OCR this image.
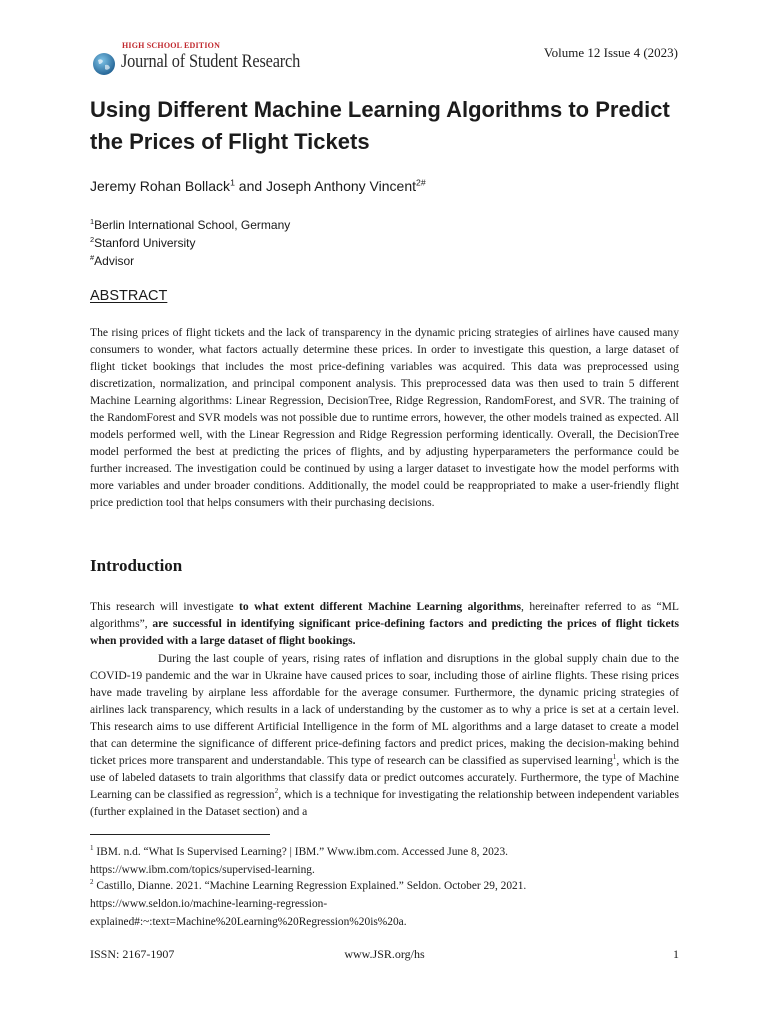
HIGH SCHOOL EDITION
Journal of Student Research	Volume 12 Issue 4 (2023)
Using Different Machine Learning Algorithms to Predict the Prices of Flight Tickets
Jeremy Rohan Bollack$^1$ and Joseph Anthony Vincent$^{2\#}$
$^1$Berlin International School, Germany
$^2$Stanford University
#Advisor
ABSTRACT
The rising prices of flight tickets and the lack of transparency in the dynamic pricing strategies of airlines have caused many consumers to wonder, what factors actually determine these prices. In order to investigate this question, a large dataset of flight ticket bookings that includes the most price-defining variables was acquired. This data was preprocessed using discretization, normalization, and principal component analysis. This preprocessed data was then used to train 5 different Machine Learning algorithms: Linear Regression, DecisionTree, Ridge Regression, RandomForest, and SVR. The training of the RandomForest and SVR models was not possible due to runtime errors, however, the other models trained as expected. All models performed well, with the Linear Regression and Ridge Regression performing identically. Overall, the DecisionTree model performed the best at predicting the prices of flights, and by adjusting hyperparameters the performance could be further increased. The investigation could be continued by using a larger dataset to investigate how the model performs with more variables and under broader conditions. Additionally, the model could be reappropriated to make a user-friendly flight price prediction tool that helps consumers with their purchasing decisions.
Introduction
This research will investigate to what extent different Machine Learning algorithms, hereinafter referred to as “ML algorithms”, are successful in identifying significant price-defining factors and predicting the prices of flight tickets when provided with a large dataset of flight bookings.
During the last couple of years, rising rates of inflation and disruptions in the global supply chain due to the COVID-19 pandemic and the war in Ukraine have caused prices to soar, including those of airline flights. These rising prices have made traveling by airplane less affordable for the average consumer. Furthermore, the dynamic pricing strategies of airlines lack transparency, which results in a lack of understanding by the customer as to why a price is set at a certain level. This research aims to use different Artificial Intelligence in the form of ML algorithms and a large dataset to create a model that can determine the significance of different price-defining factors and predict prices, making the decision-making behind ticket prices more transparent and understandable. This type of research can be classified as supervised learning$^1$, which is the use of labeled datasets to train algorithms that classify data or predict outcomes accurately. Furthermore, the type of Machine Learning can be classified as regression$^2$, which is a technique for investigating the relationship between independent variables (further explained in the Dataset section) and a
$^1$ IBM. n.d. “What Is Supervised Learning? | IBM.” Www.ibm.com. Accessed June 8, 2023.
https://www.ibm.com/topics/supervised-learning.
$^2$ Castillo, Dianne. 2021. “Machine Learning Regression Explained.” Seldon. October 29, 2021.
https://www.seldon.io/machine-learning-regression-
explained#:~:text=Machine%20Learning%20Regression%20is%20a.
ISSN: 2167-1907	www.JSR.org/hs	1
